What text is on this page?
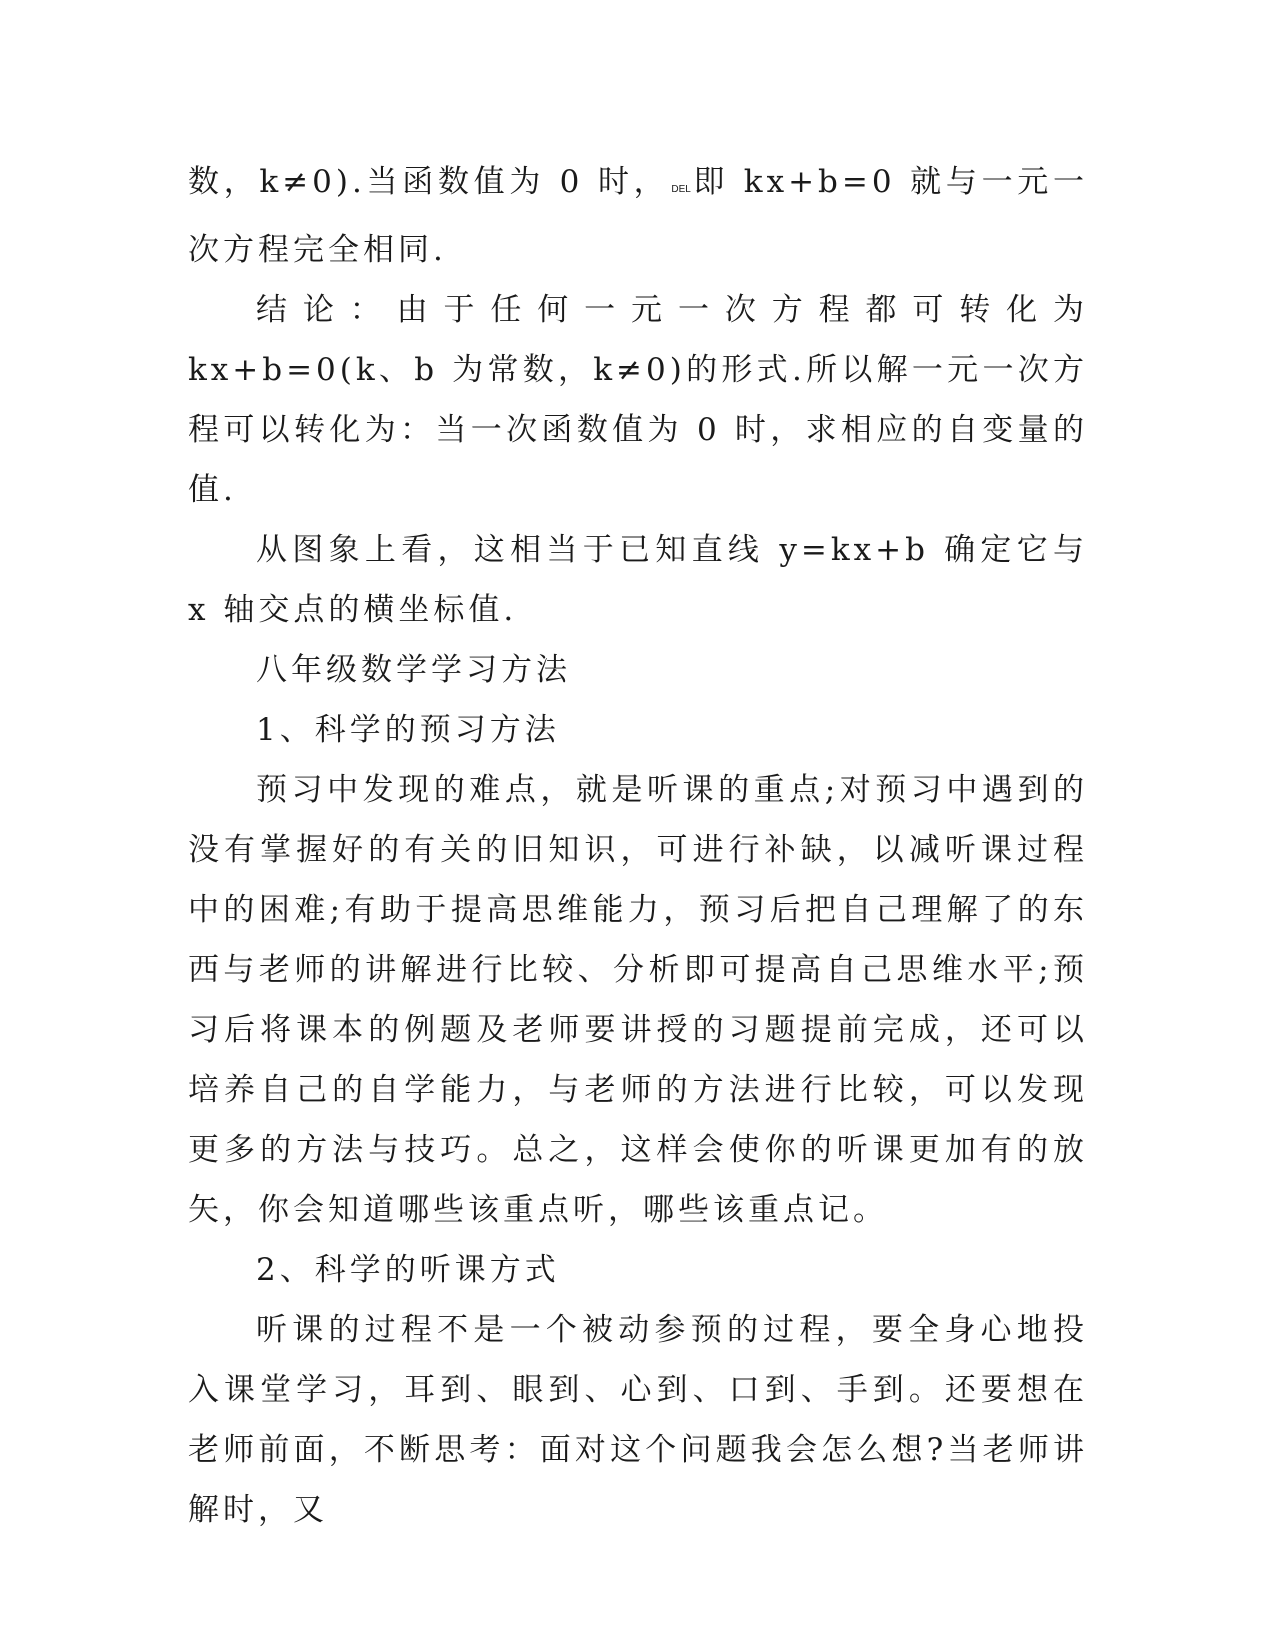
数，k≠0).当函数值为 0 时， DEL即 kx+b=0 就与一元一次方程完全相同.

结论：由于任何一元一次方程都可转化为 kx+b=0(k、b 为常数，k≠0)的形式.所以解一元一次方程可以转化为：当一次函数值为 0 时，求相应的自变量的值.

从图象上看，这相当于已知直线 y=kx+b 确定它与 x 轴交点的横坐标值.

八年级数学学习方法

1、科学的预习方法

预习中发现的难点，就是听课的重点;对预习中遇到的没有掌握好的有关的旧知识，可进行补缺，以减听课过程中的困难;有助于提高思维能力，预习后把自己理解了的东西与老师的讲解进行比较、分析即可提高自己思维水平;预习后将课本的例题及老师要讲授的习题提前完成，还可以培养自己的自学能力，与老师的方法进行比较，可以发现更多的方法与技巧。总之，这样会使你的听课更加有的放矢，你会知道哪些该重点听，哪些该重点记。

2、科学的听课方式

听课的过程不是一个被动参预的过程，要全身心地投入课堂学习，耳到、眼到、心到、口到、手到。还要想在老师前面，不断思考：面对这个问题我会怎么想?当老师讲解时，又
